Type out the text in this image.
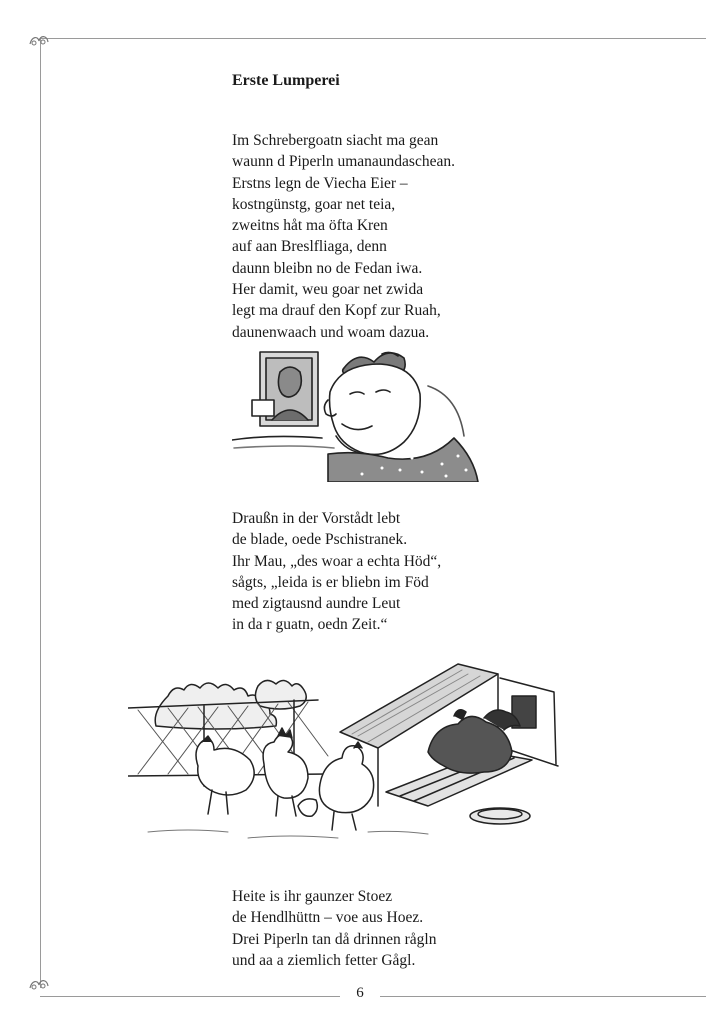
Erste Lumperei
Im Schrebergoatn siacht ma gean
waunn d Piperln umanaundaschean.
Erstns legn de Viecha Eier –
kostngünstg, goar net teia,
zweitns håt ma öfta Kren
auf aan Breslfliaga, denn
daunn bleibn no de Fedan iwa.
Her damit, weu goar net zwida
legt ma drauf den Kopf zur Ruah,
daunenwaach und woam dazua.
Draußn in der Vorstådt lebt
de blade, oede Pschistranek.
Ihr Mau, „des woar a echta Höd“,
sågts, „leida is er bliebn im Föd
med zigtausnd aundre Leut
in da r guatn, oedn Zeit.“
Heite is ihr gaunzer Stoez
de Hendlhüttn – voe aus Hoez.
Drei Piperln tan då drinnen rågln
und aa a ziemlich fetter Gågl.
6
